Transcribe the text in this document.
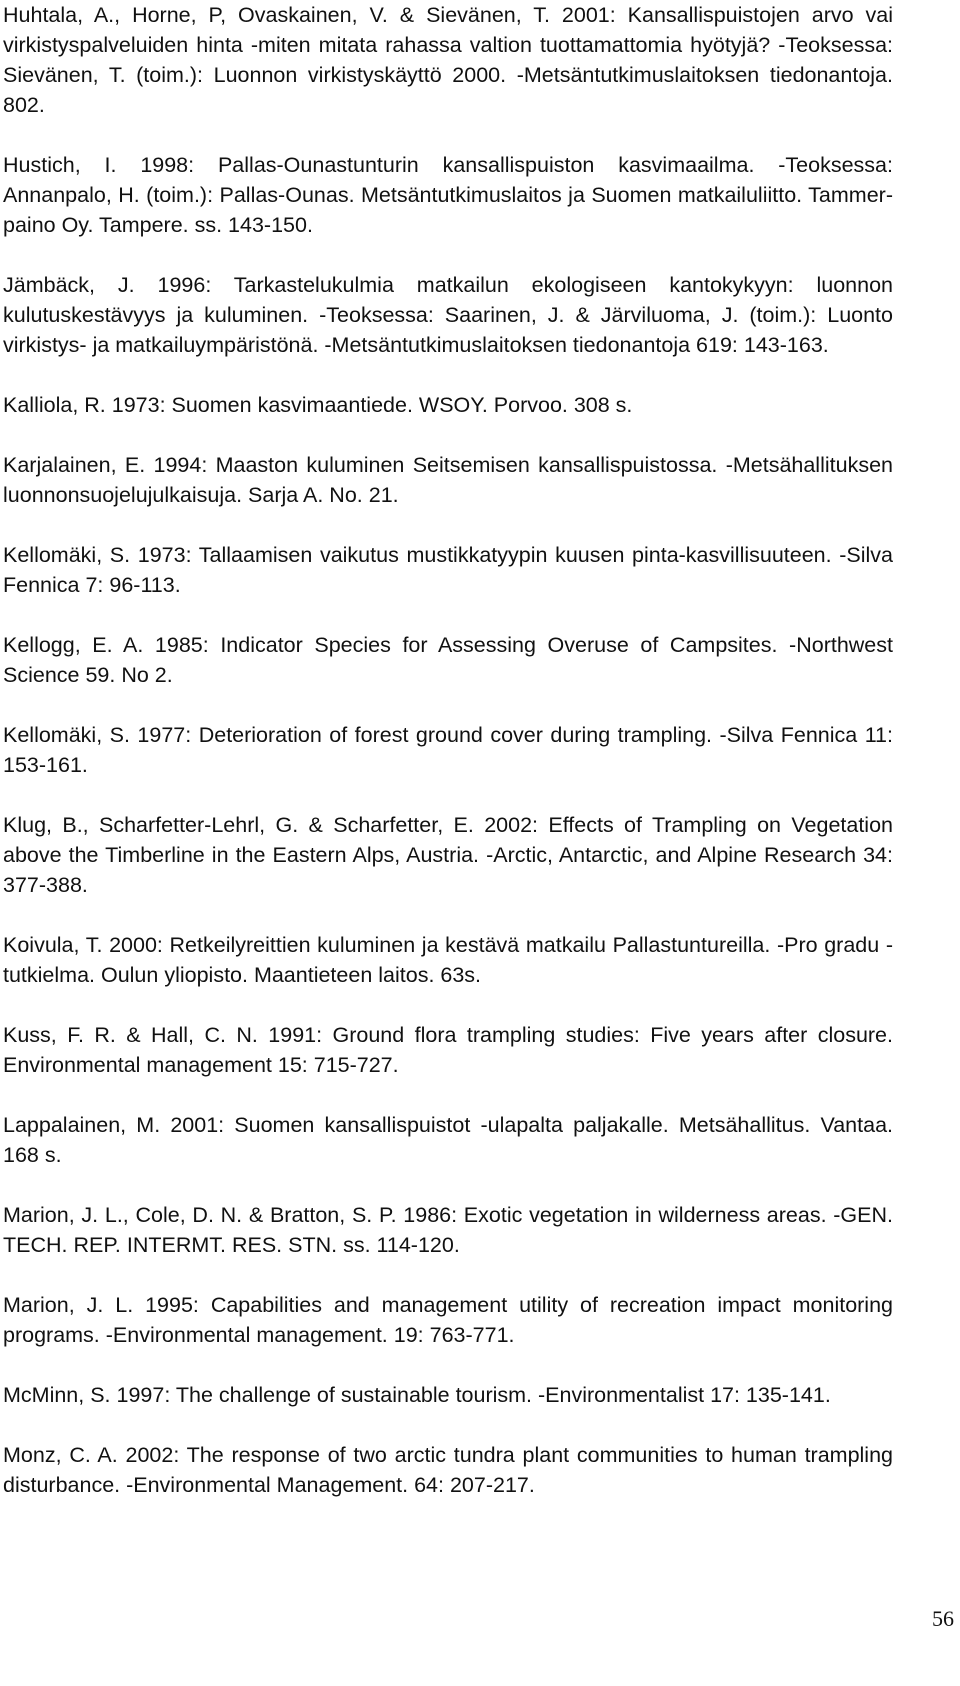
Huhtala, A., Horne, P, Ovaskainen, V. & Sievänen, T. 2001: Kansallispuistojen arvo vai virkistyspalveluiden hinta -miten mitata rahassa valtion tuottamattomia hyötyjä? -Teoksessa: Sievänen, T. (toim.): Luonnon virkistyskäyttö 2000. -Metsäntutkimuslaitoksen tiedonantoja. 802.
Hustich, I. 1998: Pallas-Ounastunturin kansallispuiston kasvimaailma. -Teoksessa: Annanpalo, H. (toim.): Pallas-Ounas. Metsäntutkimuslaitos ja Suomen matkailuliitto. Tammer-paino Oy. Tampere. ss. 143-150.
Jämbäck, J. 1996: Tarkastelukulmia matkailun ekologiseen kantokykyyn: luonnon kulutuskestävyys ja kuluminen. -Teoksessa: Saarinen, J. & Järviluoma, J. (toim.): Luonto virkistys- ja matkailuympäristönä. -Metsäntutkimuslaitoksen tiedonantoja 619: 143-163.
Kalliola, R. 1973: Suomen kasvimaantiede. WSOY. Porvoo. 308 s.
Karjalainen, E. 1994: Maaston kuluminen Seitsemisen kansallispuistossa. -Metsähallituksen luonnonsuojelujulkaisuja. Sarja A. No. 21.
Kellomäki, S. 1973: Tallaamisen vaikutus mustikkatyypin kuusen pinta-kasvillisuuteen. -Silva Fennica 7: 96-113.
Kellogg, E. A. 1985: Indicator Species for Assessing Overuse of Campsites. -Northwest Science 59. No 2.
Kellomäki, S. 1977: Deterioration of forest ground cover during trampling. -Silva Fennica 11: 153-161.
Klug, B., Scharfetter-Lehrl, G. & Scharfetter, E. 2002: Effects of Trampling on Vegetation above the Timberline in the Eastern Alps, Austria. -Arctic, Antarctic, and Alpine Research 34: 377-388.
Koivula, T. 2000: Retkeilyreittien kuluminen ja kestävä matkailu Pallastuntureilla. -Pro gradu -tutkielma. Oulun yliopisto. Maantieteen laitos. 63s.
Kuss, F. R. & Hall, C. N. 1991: Ground flora trampling studies: Five years after closure. Environmental management 15: 715-727.
Lappalainen, M. 2001: Suomen kansallispuistot -ulapalta paljakalle. Metsähallitus. Vantaa. 168 s.
Marion, J. L., Cole, D. N. & Bratton, S. P. 1986: Exotic vegetation in wilderness areas. -GEN. TECH. REP. INTERMT. RES. STN. ss. 114-120.
Marion, J. L. 1995: Capabilities and management utility of recreation impact monitoring programs. -Environmental management. 19: 763-771.
McMinn, S. 1997: The challenge of sustainable tourism. -Environmentalist 17: 135-141.
Monz, C. A. 2002: The response of two arctic tundra plant communities to human trampling disturbance. -Environmental Management. 64: 207-217.
56
